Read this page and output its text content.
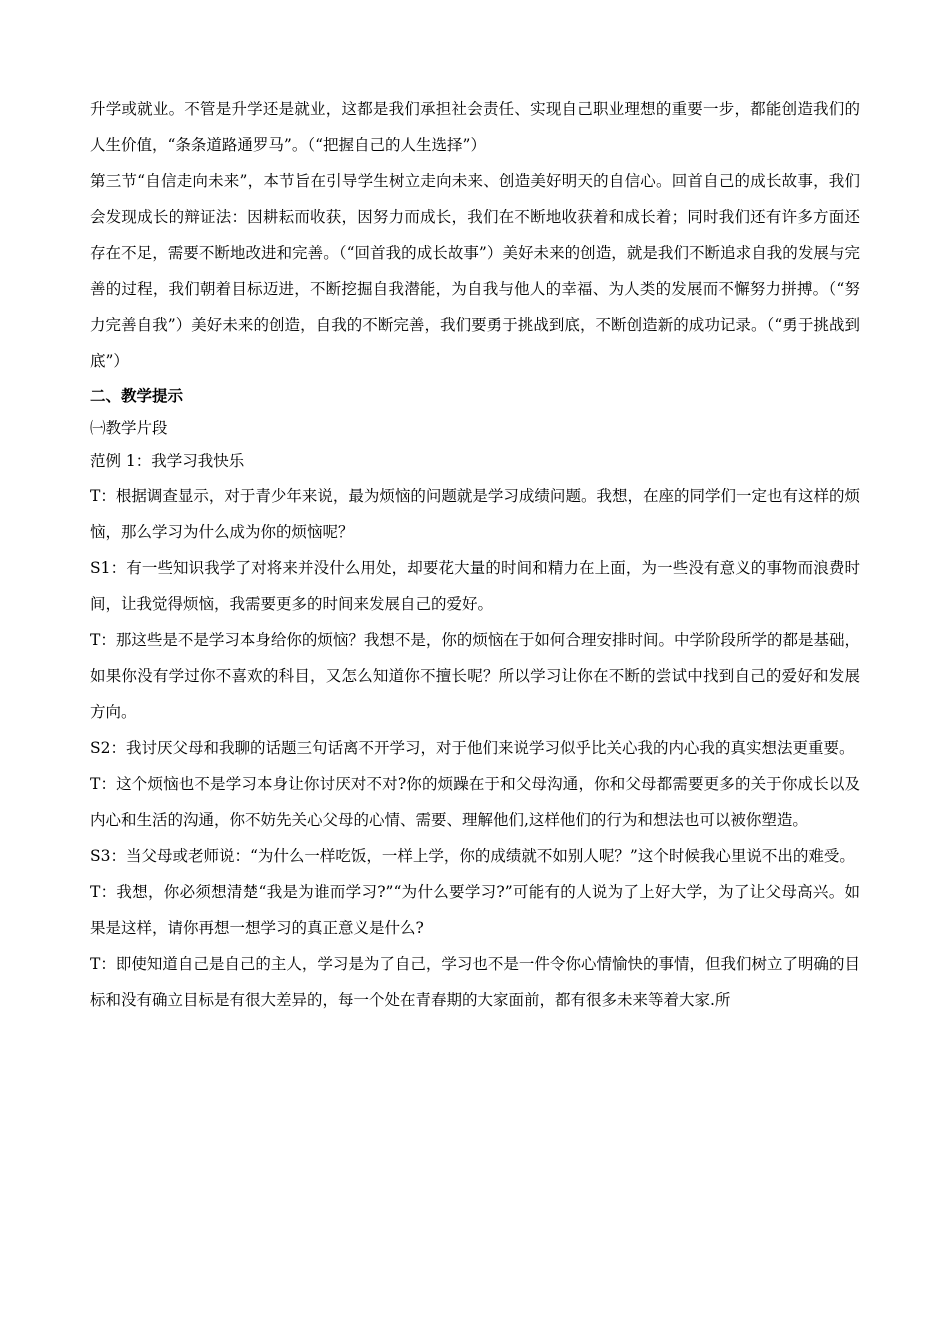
升学或就业。不管是升学还是就业，这都是我们承担社会责任、实现自己职业理想的重要一步，都能创造我们的人生价值，“条条道路通罗马”。（“把握自己的人生选择”）

第三节“自信走向未来”，本节旨在引导学生树立走向未来、创造美好明天的自信心。回首自己的成长故事，我们会发现成长的辩证法：因耕耘而收获，因努力而成长，我们在不断地收获着和成长着；同时我们还有许多方面还存在不足，需要不断地改进和完善。（“回首我的成长故事”）美好未来的创造，就是我们不断追求自我的发展与完善的过程，我们朝着目标迈进，不断挖掘自我潜能，为自我与他人的幸福、为人类的发展而不懈努力拼搏。（“努力完善自我”）美好未来的创造，自我的不断完善，我们要勇于挑战到底，不断创造新的成功记录。（“勇于挑战到底”）

二、教学提示

㈠教学片段

范例 1：我学习我快乐

T：根据调查显示，对于青少年来说，最为烦恼的问题就是学习成绩问题。我想，在座的同学们一定也有这样的烦恼，那么学习为什么成为你的烦恼呢？

S1：有一些知识我学了对将来并没什么用处，却要花大量的时间和精力在上面，为一些没有意义的事物而浪费时间，让我觉得烦恼，我需要更多的时间来发展自己的爱好。

T：那这些是不是学习本身给你的烦恼？我想不是，你的烦恼在于如何合理安排时间。中学阶段所学的都是基础，如果你没有学过你不喜欢的科目，又怎么知道你不擅长呢？所以学习让你在不断的尝试中找到自己的爱好和发展方向。

S2：我讨厌父母和我聊的话题三句话离不开学习，对于他们来说学习似乎比关心我的内心我的真实想法更重要。

T：这个烦恼也不是学习本身让你讨厌对不对?你的烦躁在于和父母沟通，你和父母都需要更多的关于你成长以及内心和生活的沟通，你不妨先关心父母的心情、需要、理解他们,这样他们的行为和想法也可以被你塑造。

S3：当父母或老师说：“为什么一样吃饭，一样上学，你的成绩就不如别人呢？”这个时候我心里说不出的难受。

T：我想，你必须想清楚“我是为谁而学习?”“为什么要学习?”可能有的人说为了上好大学，为了让父母高兴。如果是这样，请你再想一想学习的真正意义是什么?

T：即使知道自己是自己的主人，学习是为了自己，学习也不是一件令你心情愉快的事情，但我们树立了明确的目标和没有确立目标是有很大差异的，每一个处在青春期的大家面前，都有很多未来等着大家.所
